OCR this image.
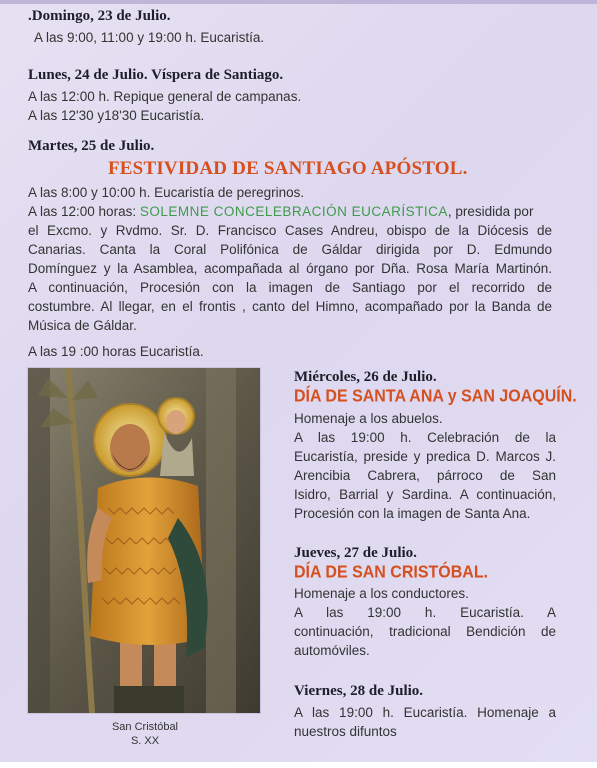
.Domingo, 23 de Julio.
A las 9:00, 11:00 y 19:00 h. Eucaristía.
Lunes, 24 de Julio. Víspera de Santiago.
A las 12:00 h. Repique general de campanas.
A las 12'30 y18'30 Eucaristía.
Martes, 25 de Julio.
FESTIVIDAD DE SANTIAGO APÓSTOL.
A las 8:00 y 10:00 h. Eucaristía de peregrinos.
A las 12:00 horas: SOLEMNE CONCELEBRACIÓN EUCARÍSTICA, presidida por
el Excmo. y Rvdmo. Sr. D. Francisco Cases Andreu, obispo de la Diócesis de
Canarias. Canta la Coral Polifónica de Gáldar dirigida por D. Edmundo
Domínguez y la Asamblea, acompañada al órgano por Dña. Rosa María Martinón.
A continuación, Procesión con la imagen de Santiago por el recorrido de
costumbre. Al llegar, en el frontis , canto del Himno, acompañado por la Banda de
Música de Gáldar.
A las 19 :00 horas Eucaristía.
San Cristóbal
S. XX
Miércoles, 26 de Julio.
DÍA DE SANTA ANA y SAN JOAQUÍN.
Homenaje a los abuelos.
A las 19:00 h. Celebración de la
Eucaristía, preside y predica D. Marcos J.
Arencibia Cabrera, párroco de San
Isidro, Barrial y Sardina. A continuación,
Procesión con la imagen de Santa Ana.
Jueves, 27 de Julio.
DÍA DE SAN CRISTÓBAL.
Homenaje a los conductores.
A las 19:00 h. Eucaristía. A
continuación, tradicional Bendición de
automóviles.
Viernes, 28 de Julio.
A las 19:00 h. Eucaristía. Homenaje a
nuestros difuntos
